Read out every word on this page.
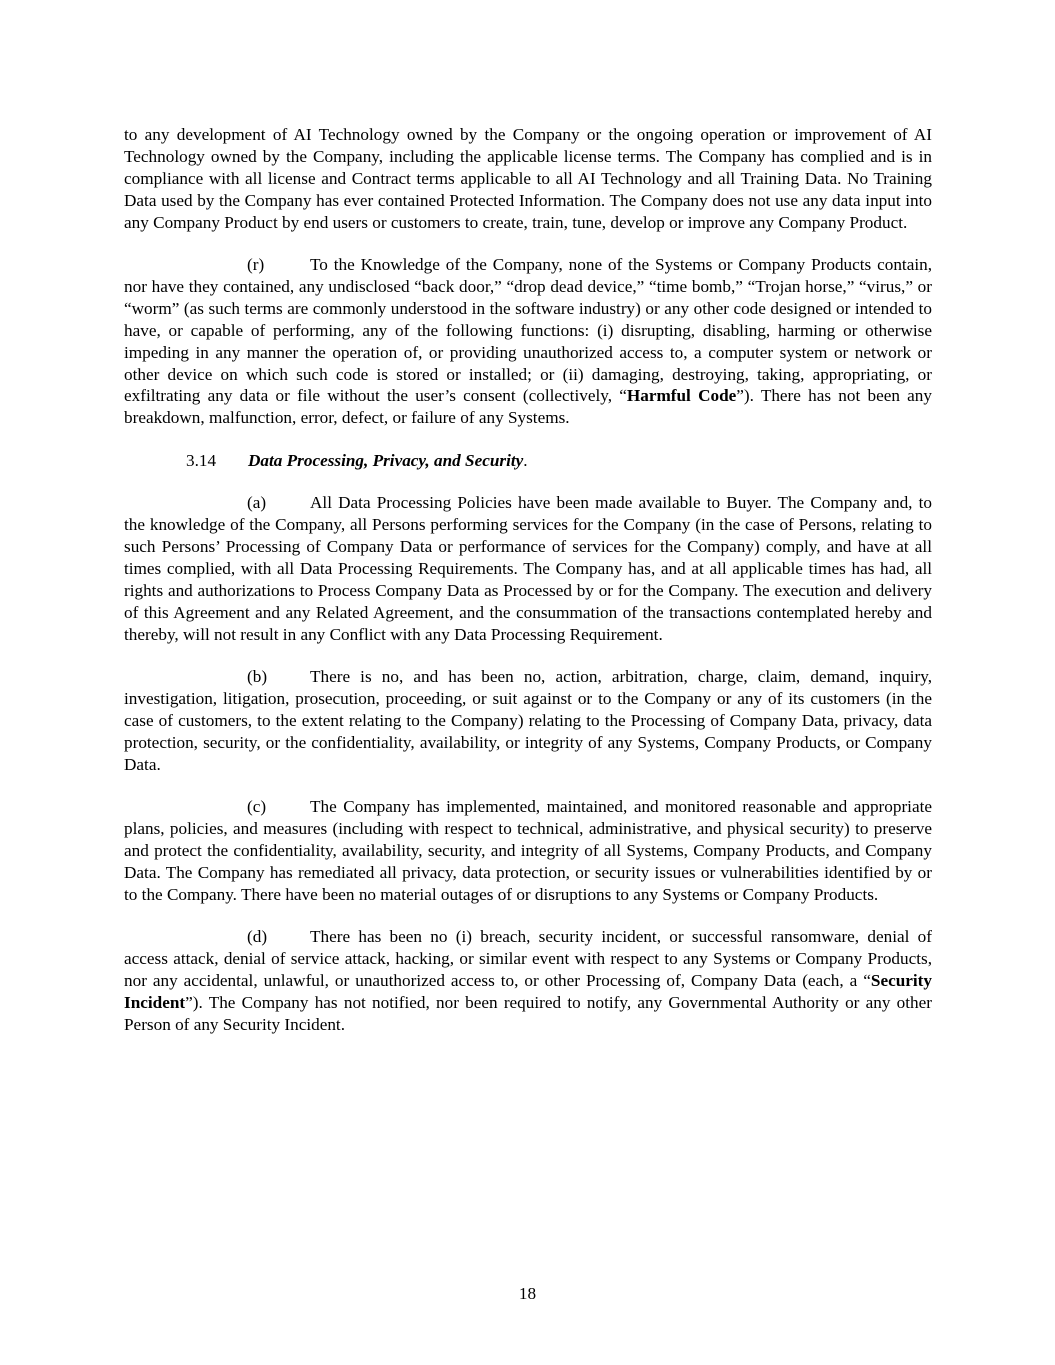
to any development of AI Technology owned by the Company or the ongoing operation or improvement of AI Technology owned by the Company, including the applicable license terms. The Company has complied and is in compliance with all license and Contract terms applicable to all AI Technology and all Training Data. No Training Data used by the Company has ever contained Protected Information. The Company does not use any data input into any Company Product by end users or customers to create, train, tune, develop or improve any Company Product.

(r)	To the Knowledge of the Company, none of the Systems or Company Products contain, nor have they contained, any undisclosed “back door,” “drop dead device,” “time bomb,” “Trojan horse,” “virus,” or “worm” (as such terms are commonly understood in the software industry) or any other code designed or intended to have, or capable of performing, any of the following functions: (i) disrupting, disabling, harming or otherwise impeding in any manner the operation of, or providing unauthorized access to, a computer system or network or other device on which such code is stored or installed; or (ii) damaging, destroying, taking, appropriating, or exfiltrating any data or file without the user’s consent (collectively, “Harmful Code”). There has not been any breakdown, malfunction, error, defect, or failure of any Systems.

3.14 Data Processing, Privacy, and Security.

(a)	All Data Processing Policies have been made available to Buyer. The Company and, to the knowledge of the Company, all Persons performing services for the Company (in the case of Persons, relating to such Persons’ Processing of Company Data or performance of services for the Company) comply, and have at all times complied, with all Data Processing Requirements. The Company has, and at all applicable times has had, all rights and authorizations to Process Company Data as Processed by or for the Company. The execution and delivery of this Agreement and any Related Agreement, and the consummation of the transactions contemplated hereby and thereby, will not result in any Conflict with any Data Processing Requirement.

(b) There is no, and has been no, action, arbitration, charge, claim, demand, inquiry, investigation, litigation, prosecution, proceeding, or suit against or to the Company or any of its customers (in the case of customers, to the extent relating to the Company) relating to the Processing of Company Data, privacy, data protection, security, or the confidentiality, availability, or integrity of any Systems, Company Products, or Company Data.

(c)	The Company has implemented, maintained, and monitored reasonable and appropriate plans, policies, and measures (including with respect to technical, administrative, and physical security) to preserve and protect the confidentiality, availability, security, and integrity of all Systems, Company Products, and Company Data. The Company has remediated all privacy, data protection, or security issues or vulnerabilities identified by or to the Company. There have been no material outages of or disruptions to any Systems or Company Products.

(d) There has been no (i) breach, security incident, or successful ransomware, denial of access attack, denial of service attack, hacking, or similar event with respect to any Systems or Company Products, nor any accidental, unlawful, or unauthorized access to, or other Processing of, Company Data (each, a “Security Incident”). The Company has not notified, nor been required to notify, any Governmental Authority or any other Person of any Security Incident.

18
